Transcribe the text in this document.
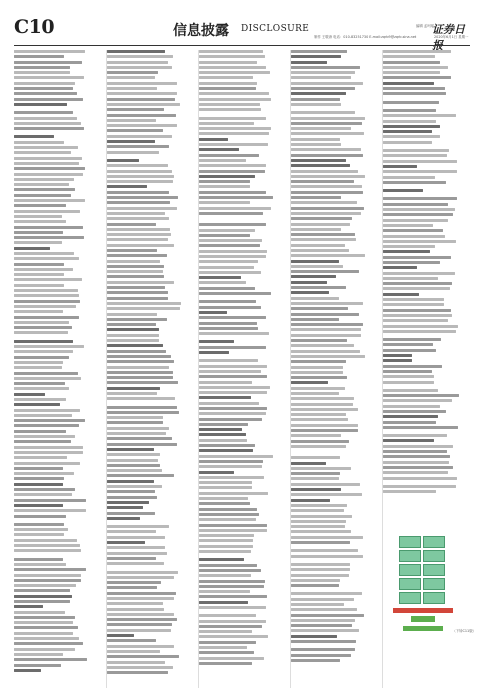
C10	信息披露 DISCLOSURE	证券日报
编辑 孟珂瑶
制作 王敬涛 电话：010-83251730 E-mail:zqrb9@zqrb.sina.net	2020年6月1日 星期一
（下转C11版）
